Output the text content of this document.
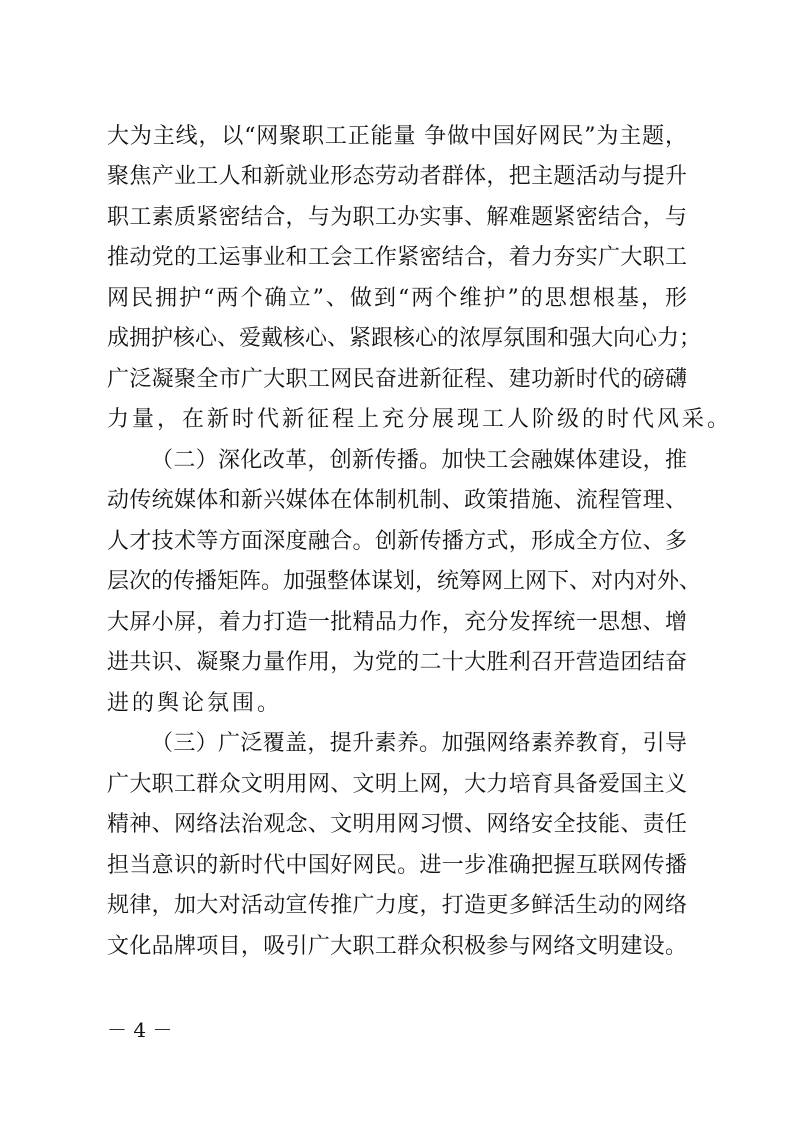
大为主线，以“网聚职工正能量 争做中国好网民”为主题，
聚焦产业工人和新就业形态劳动者群体，把主题活动与提升
职工素质紧密结合，与为职工办实事、解难题紧密结合，与
推动党的工运事业和工会工作紧密结合，着力夯实广大职工
网民拥护“两个确立”、做到“两个维护”的思想根基，形
成拥护核心、爱戴核心、紧跟核心的浓厚氛围和强大向心力；
广泛凝聚全市广大职工网民奋进新征程、建功新时代的磅礴
力量，在新时代新征程上充分展现工人阶级的时代风采。
（二）深化改革，创新传播。加快工会融媒体建设，推
动传统媒体和新兴媒体在体制机制、政策措施、流程管理、
人才技术等方面深度融合。创新传播方式，形成全方位、多
层次的传播矩阵。加强整体谋划，统筹网上网下、对内对外、
大屏小屏，着力打造一批精品力作，充分发挥统一思想、增
进共识、凝聚力量作用，为党的二十大胜利召开营造团结奋
进的舆论氛围。
（三）广泛覆盖，提升素养。加强网络素养教育，引导
广大职工群众文明用网、文明上网，大力培育具备爱国主义
精神、网络法治观念、文明用网习惯、网络安全技能、责任
担当意识的新时代中国好网民。进一步准确把握互联网传播
规律，加大对活动宣传推广力度，打造更多鲜活生动的网络
文化品牌项目，吸引广大职工群众积极参与网络文明建设。
－ 4 －
